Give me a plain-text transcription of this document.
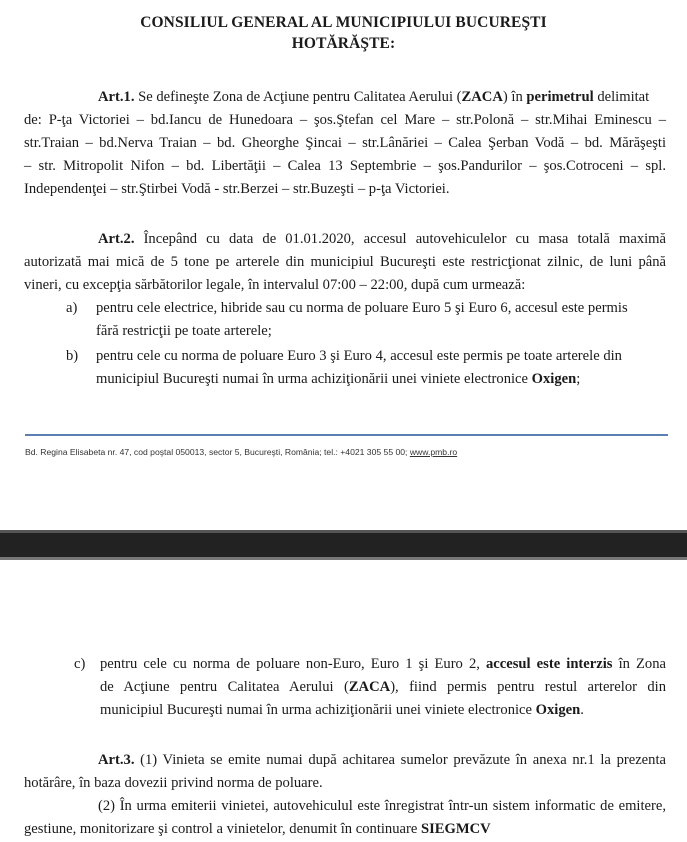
CONSILIUL GENERAL AL MUNICIPIULUI BUCUREŞTI
HOTĂRĂŞTE:
Art.1. Se defineşte Zona de Acţiune pentru Calitatea Aerului (ZACA) în perimetrul delimitat
de: P-ţa Victoriei – bd.Iancu de Hunedoara – şos.Ştefan cel Mare – str.Polonă – str.Mihai Eminescu –
str.Traian – bd.Nerva Traian – bd. Gheorghe Şincai – str.Lânăriei – Calea Şerban Vodă – bd. Mărăşeşti
– str. Mitropolit Nifon – bd. Libertăţii – Calea 13 Septembrie – şos.Pandurilor – şos.Cotroceni – spl.
Independenţei – str.Ştirbei Vodă - str.Berzei – str.Buzeşti – p-ţa Victoriei.
Art.2. Începând cu data de 01.01.2020, accesul autovehiculelor cu masa totală maximă
autorizată mai mică de 5 tone pe arterele din municipiul Bucureşti este restricţionat zilnic, de luni până
vineri, cu excepţia sărbătorilor legale, în intervalul 07:00 – 22:00, după cum urmează:
a) pentru cele electrice, hibride sau cu norma de poluare Euro 5 şi Euro 6, accesul este permis
fără restricţii pe toate arterele;
b) pentru cele cu norma de poluare Euro 3 şi Euro 4, accesul este permis pe toate arterele din
municipiul Bucureşti numai în urma achiziţionării unei viniete electronice Oxigen;
Bd. Regina Elisabeta nr. 47, cod poştal 050013, sector 5, Bucureşti, România; tel.: +4021 305 55 00; www.pmb.ro
c) pentru cele cu norma de poluare non-Euro, Euro 1 şi Euro 2, accesul este interzis în Zona
de Acţiune pentru Calitatea Aerului (ZACA), fiind permis pentru restul arterelor din
municipiul Bucureşti numai în urma achiziţionării unei viniete electronice Oxigen.
Art.3. (1) Vinieta se emite numai după achitarea sumelor prevăzute în anexa nr.1 la prezenta
hotărâre, în baza dovezii privind norma de poluare.
(2) În urma emiterii vinietei, autovehiculul este înregistrat într-un sistem informatic de emitere,
gestiune, monitorizare şi control a vinietelor, denumit în continuare SIEGMCV
